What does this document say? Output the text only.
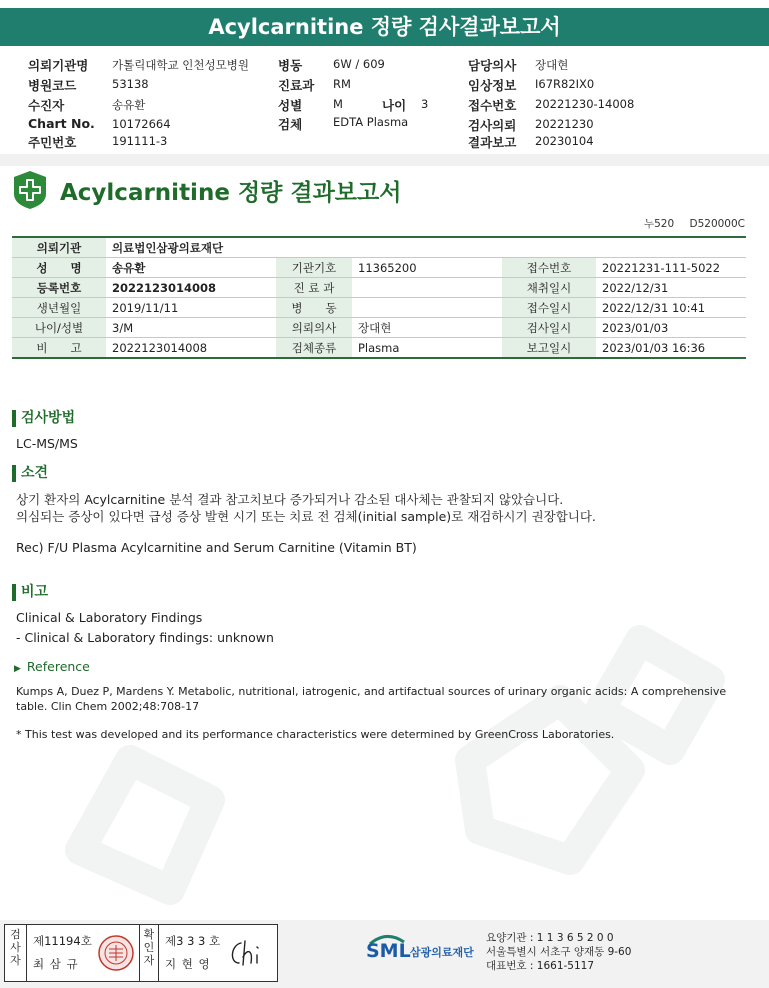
Acylcarnitine 정량 검사결과보고서
의뢰기관명 가톨릭대학교 인천성모병원
병원코드	53138
수진자	송유환
Chart No. 10172664
주민번호	191111-3
병동	6W / 609
진료과 RM
성별	M	나이 3
검체	EDTA Plasma
담당의사 장대현
임상정보 I67R82IX0
접수번호 20221230-14008
검사의뢰 20221230
결과보고 20230104
Acylcarnitine 정량 결과보고서
누520 D520000C
의뢰기관	의료법인삼광의료재단				
성　　명	송유환	기관기호	11365200	접수번호	20221231-111-5022
등록번호	2022123014008	진 료 과		채취일시	2022/12/31
생년월일	2019/11/11	병　　동		접수일시	2022/12/31 10:41
나이/성별	3/M	의뢰의사	장대현	검사일시	2023/01/03
비　　고	2022123014008	검체종류	Plasma	보고일시	2023/01/03 16:36
검사방법
LC-MS/MS
소견
상기 환자의 Acylcarnitine 분석 결과 참고치보다 증가되거나 감소된 대사체는 관찰되지 않았습니다.
의심되는 증상이 있다면 급성 증상 발현 시기 또는 치료 전 검체(initial sample)로 재검하시기 권장합니다.
Rec) F/U Plasma Acylcarnitine and Serum Carnitine (Vitamin BT)
비고
Clinical & Laboratory Findings
- Clinical & Laboratory findings: unknown
▶ Reference
Kumps A, Duez P, Mardens Y. Metabolic, nutritional, iatrogenic, and artifactual sources of urinary organic acids: A comprehensive
table. Clin Chem 2002;48:708-17
* This test was developed and its performance characteristics were determined by GreenCross Laboratories.
검사자
제11194호
최 삼 규
확인자
제3 3 3 호
지 현 영
SML 삼광의료재단
요양기관 : 1 1 3 6 5 2 0 0
서울특별시 서초구 양재동 9-60
대표번호 : 1661-5117
